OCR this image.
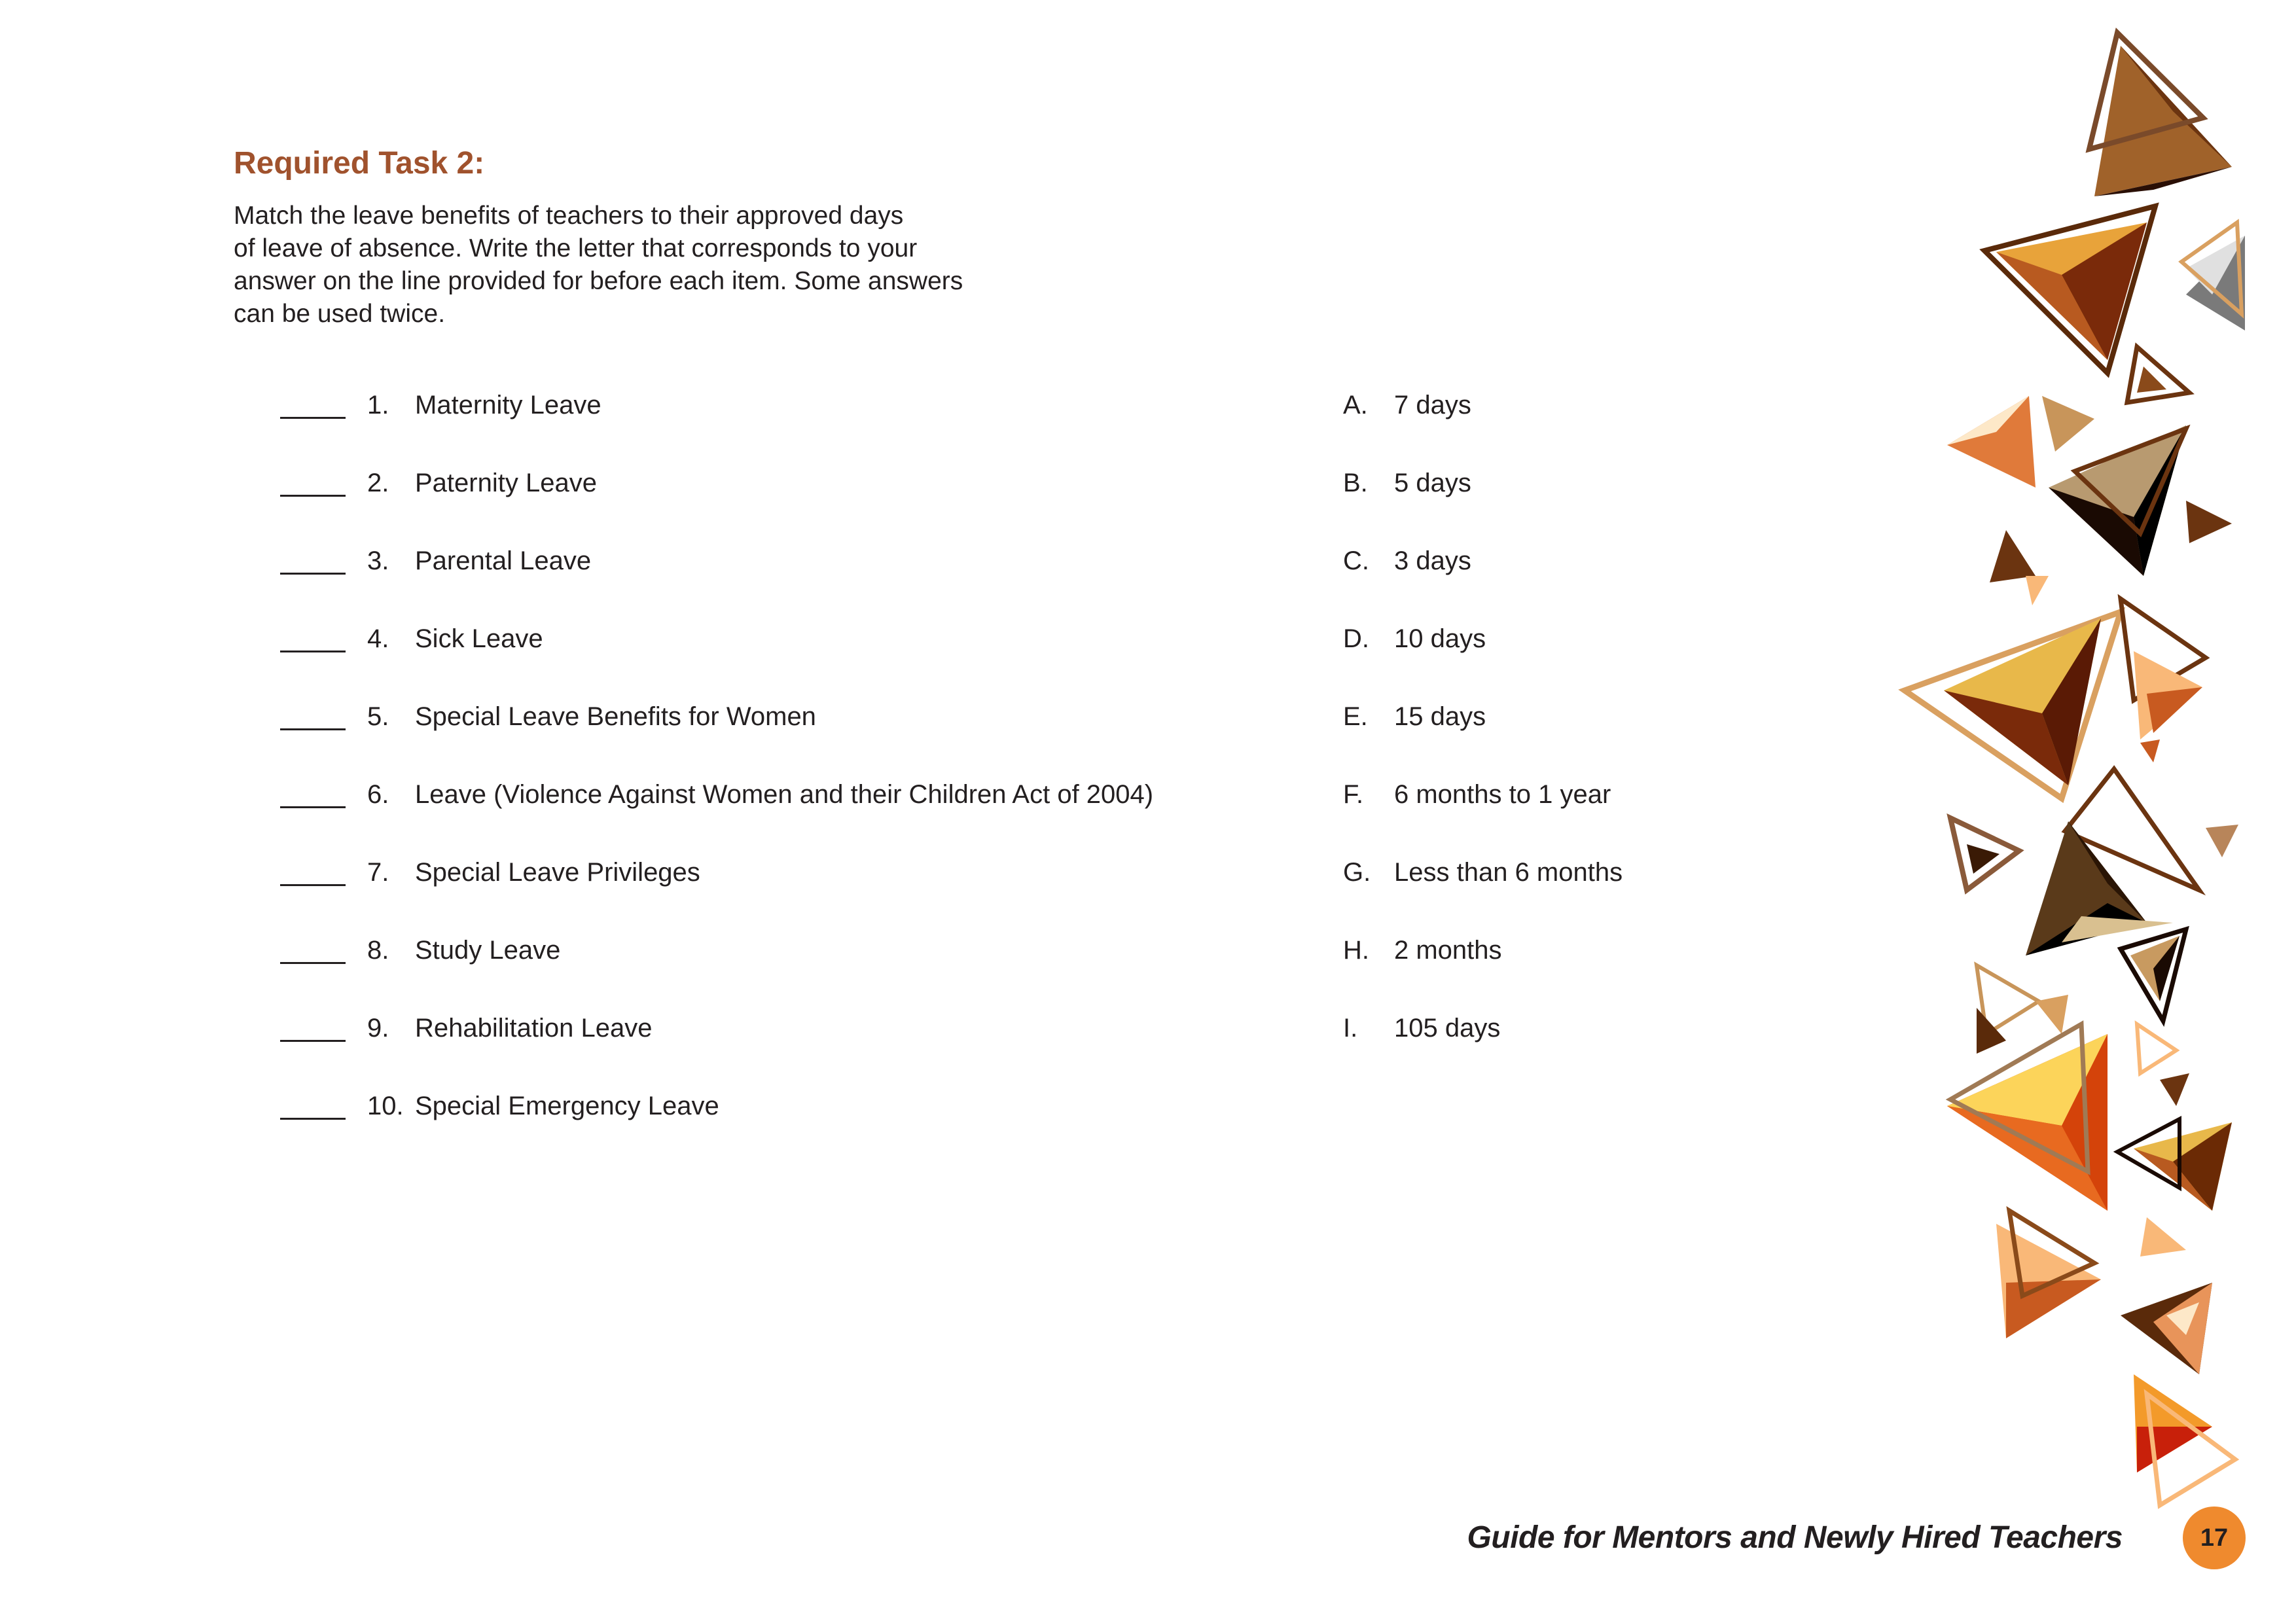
Required Task 2:

Match the leave benefits of teachers to their approved days
of leave of absence. Write the letter that corresponds to your
answer on the line provided for before each item. Some answers
can be used twice.

1. Maternity Leave	A. 7 days
2. Paternity Leave	B. 5 days
3. Parental Leave	C. 3 days
4. Sick Leave	D. 10 days
5. Special Leave Benefits for Women	E. 15 days
6. Leave (Violence Against Women and their Children Act of 2004)	F. 6 months to 1 year
7. Special Leave Privileges	G. Less than 6 months
8. Study Leave	H. 2 months
9. Rehabilitation Leave	I. 105 days
10. Special Emergency Leave
Guide for Mentors and Newly Hired Teachers	17
